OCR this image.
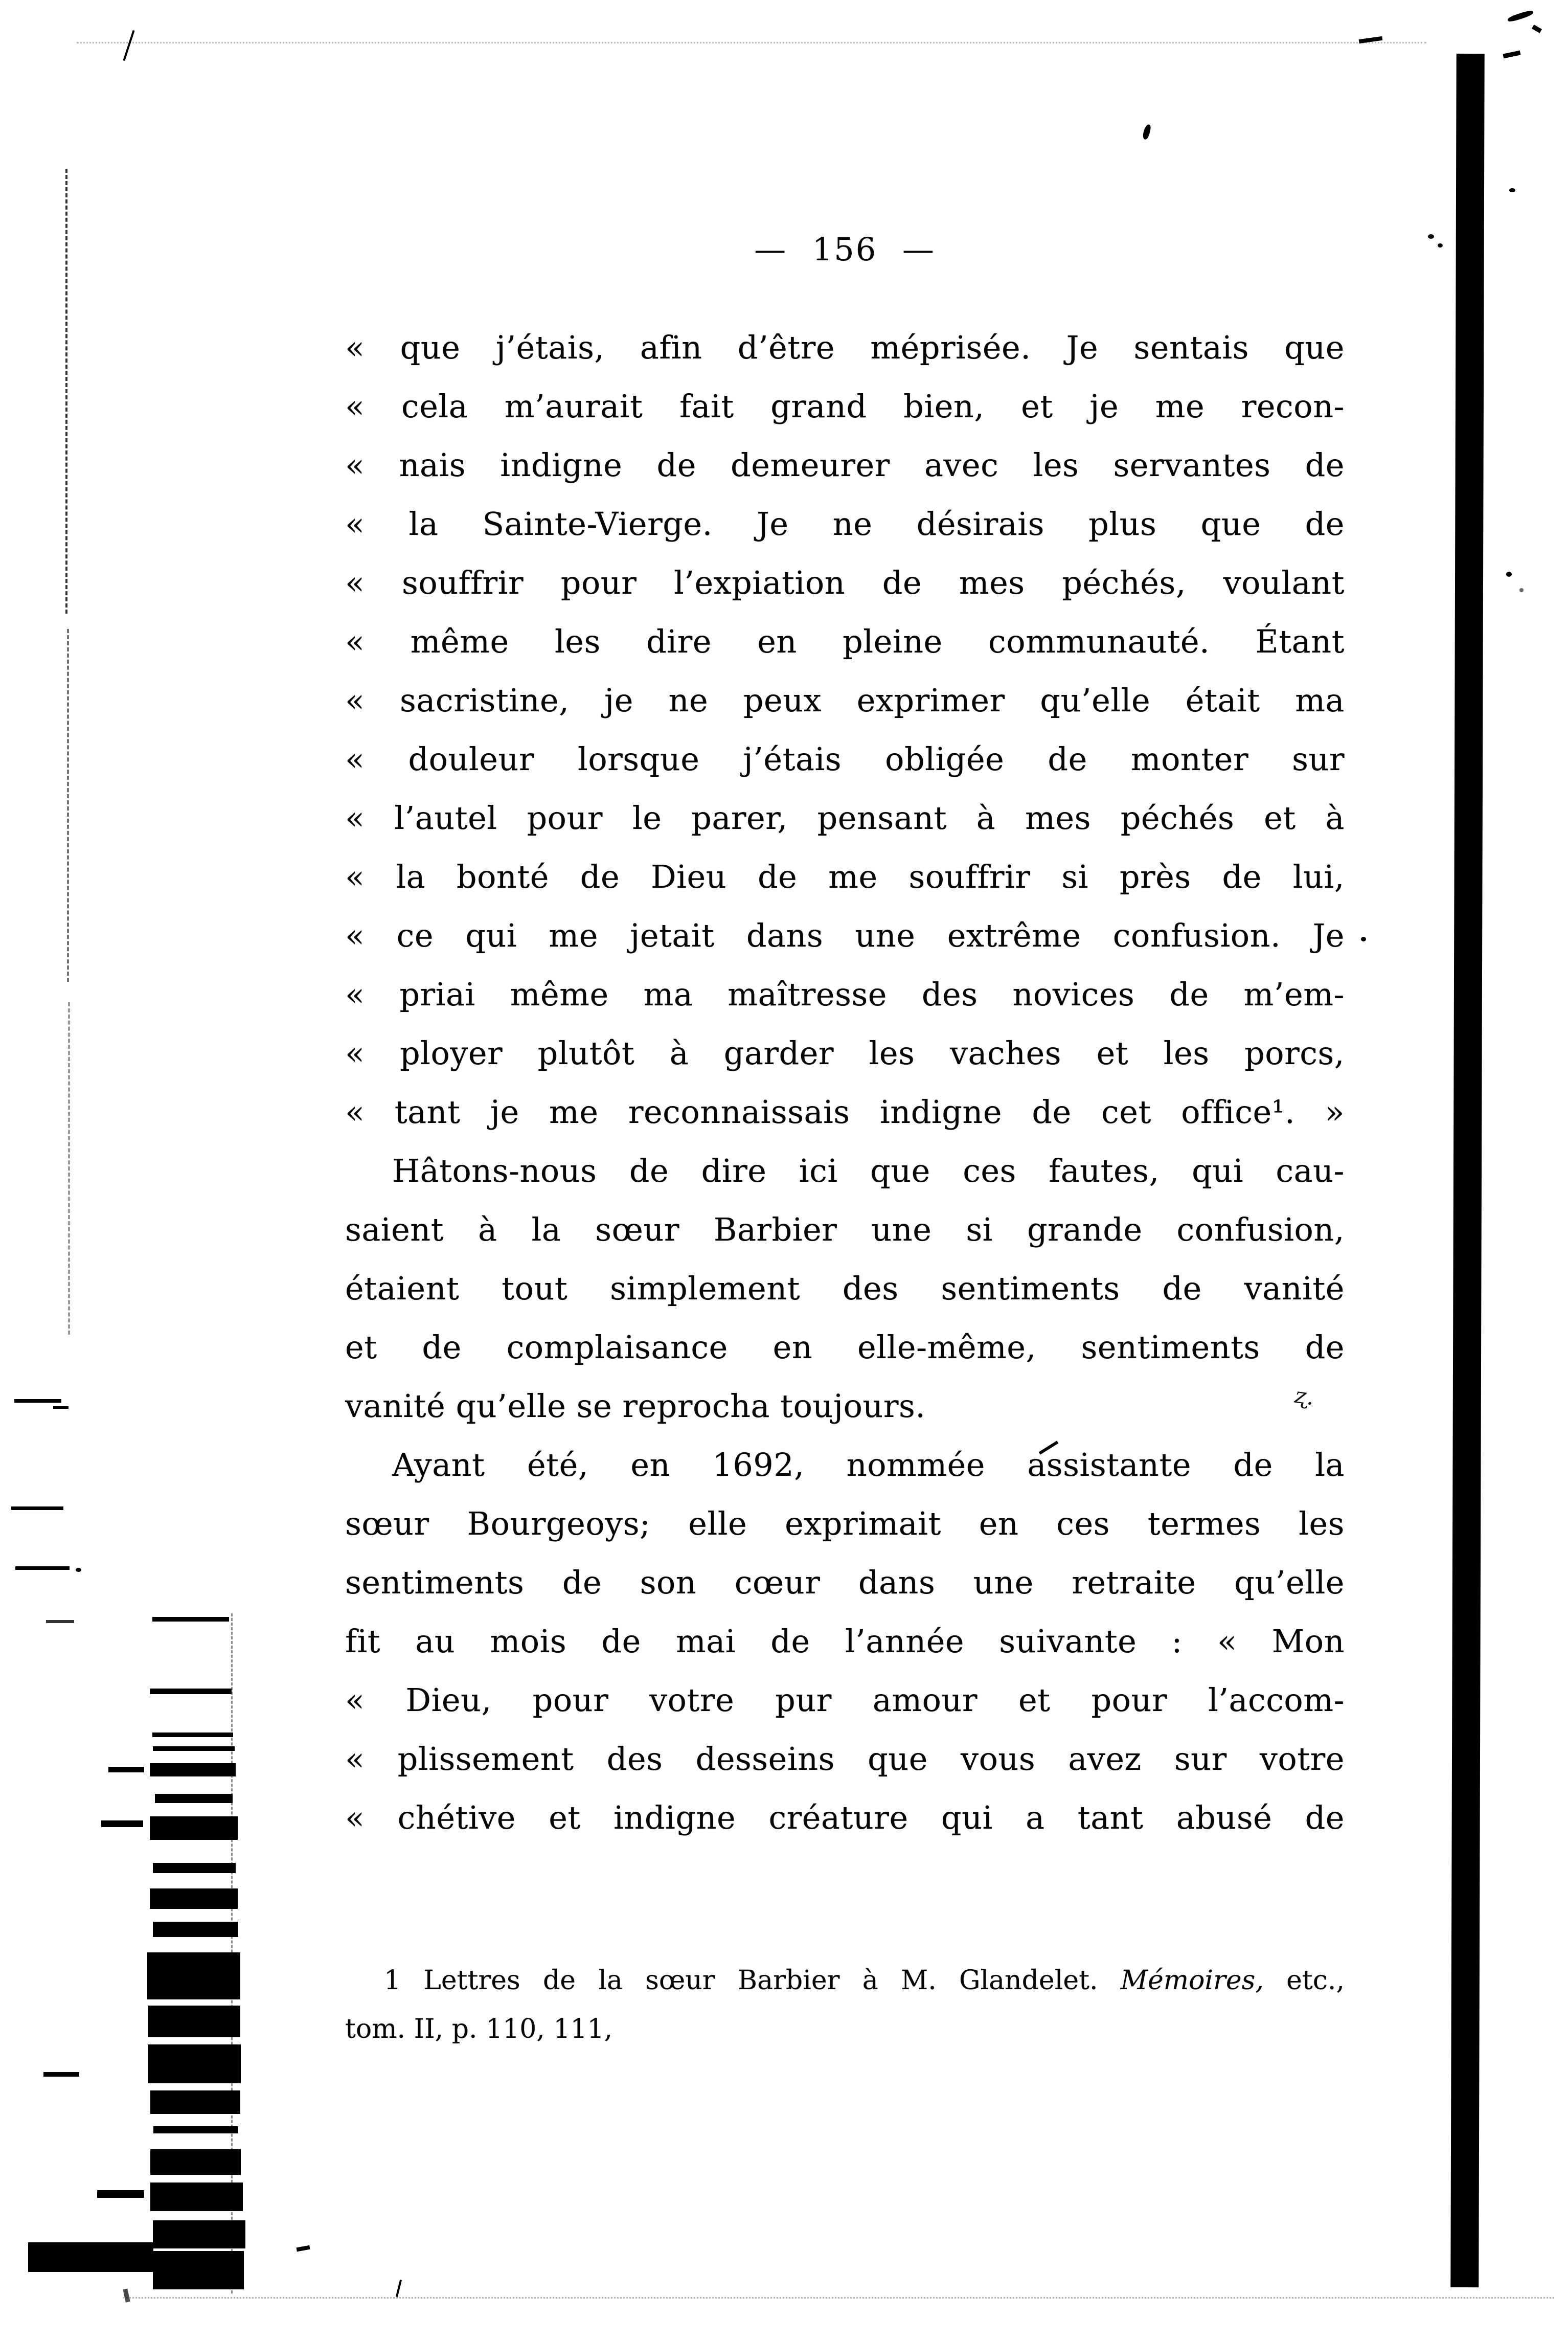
— 156 —
« que j’étais, afin d’être méprisée. Je sentais que
« cela m’aurait fait grand bien, et je me recon-
« nais indigne de demeurer avec les servantes de
« la Sainte-Vierge. Je ne désirais plus que de
« souffrir pour l’expiation de mes péchés, voulant
« même les dire en pleine communauté. Étant
« sacristine, je ne peux exprimer qu’elle était ma
« douleur lorsque j’étais obligée de monter sur
« l’autel pour le parer, pensant à mes péchés et à
« la bonté de Dieu de me souffrir si près de lui,
« ce qui me jetait dans une extrême confusion. Je
« priai même ma maîtresse des novices de m’em-
« ployer plutôt à garder les vaches et les porcs,
« tant je me reconnaissais indigne de cet office¹. »
Hâtons-nous de dire ici que ces fautes, qui cau-
saient à la sœur Barbier une si grande confusion,
étaient tout simplement des sentiments de vanité
et de complaisance en elle-même, sentiments de
vanité qu’elle se reprocha toujours.
Ayant été, en 1692, nommée assistante de la
sœur Bourgeoys; elle exprimait en ces termes les
sentiments de son cœur dans une retraite qu’elle
fit au mois de mai de l’année suivante : « Mon
« Dieu, pour votre pur amour et pour l’accom-
« plissement des desseins que vous avez sur votre
« chétive et indigne créature qui a tant abusé de
1 Lettres de la sœur Barbier à M. Glandelet. Mémoires, etc.,
tom. II, p. 110, 111,
ʐ.
